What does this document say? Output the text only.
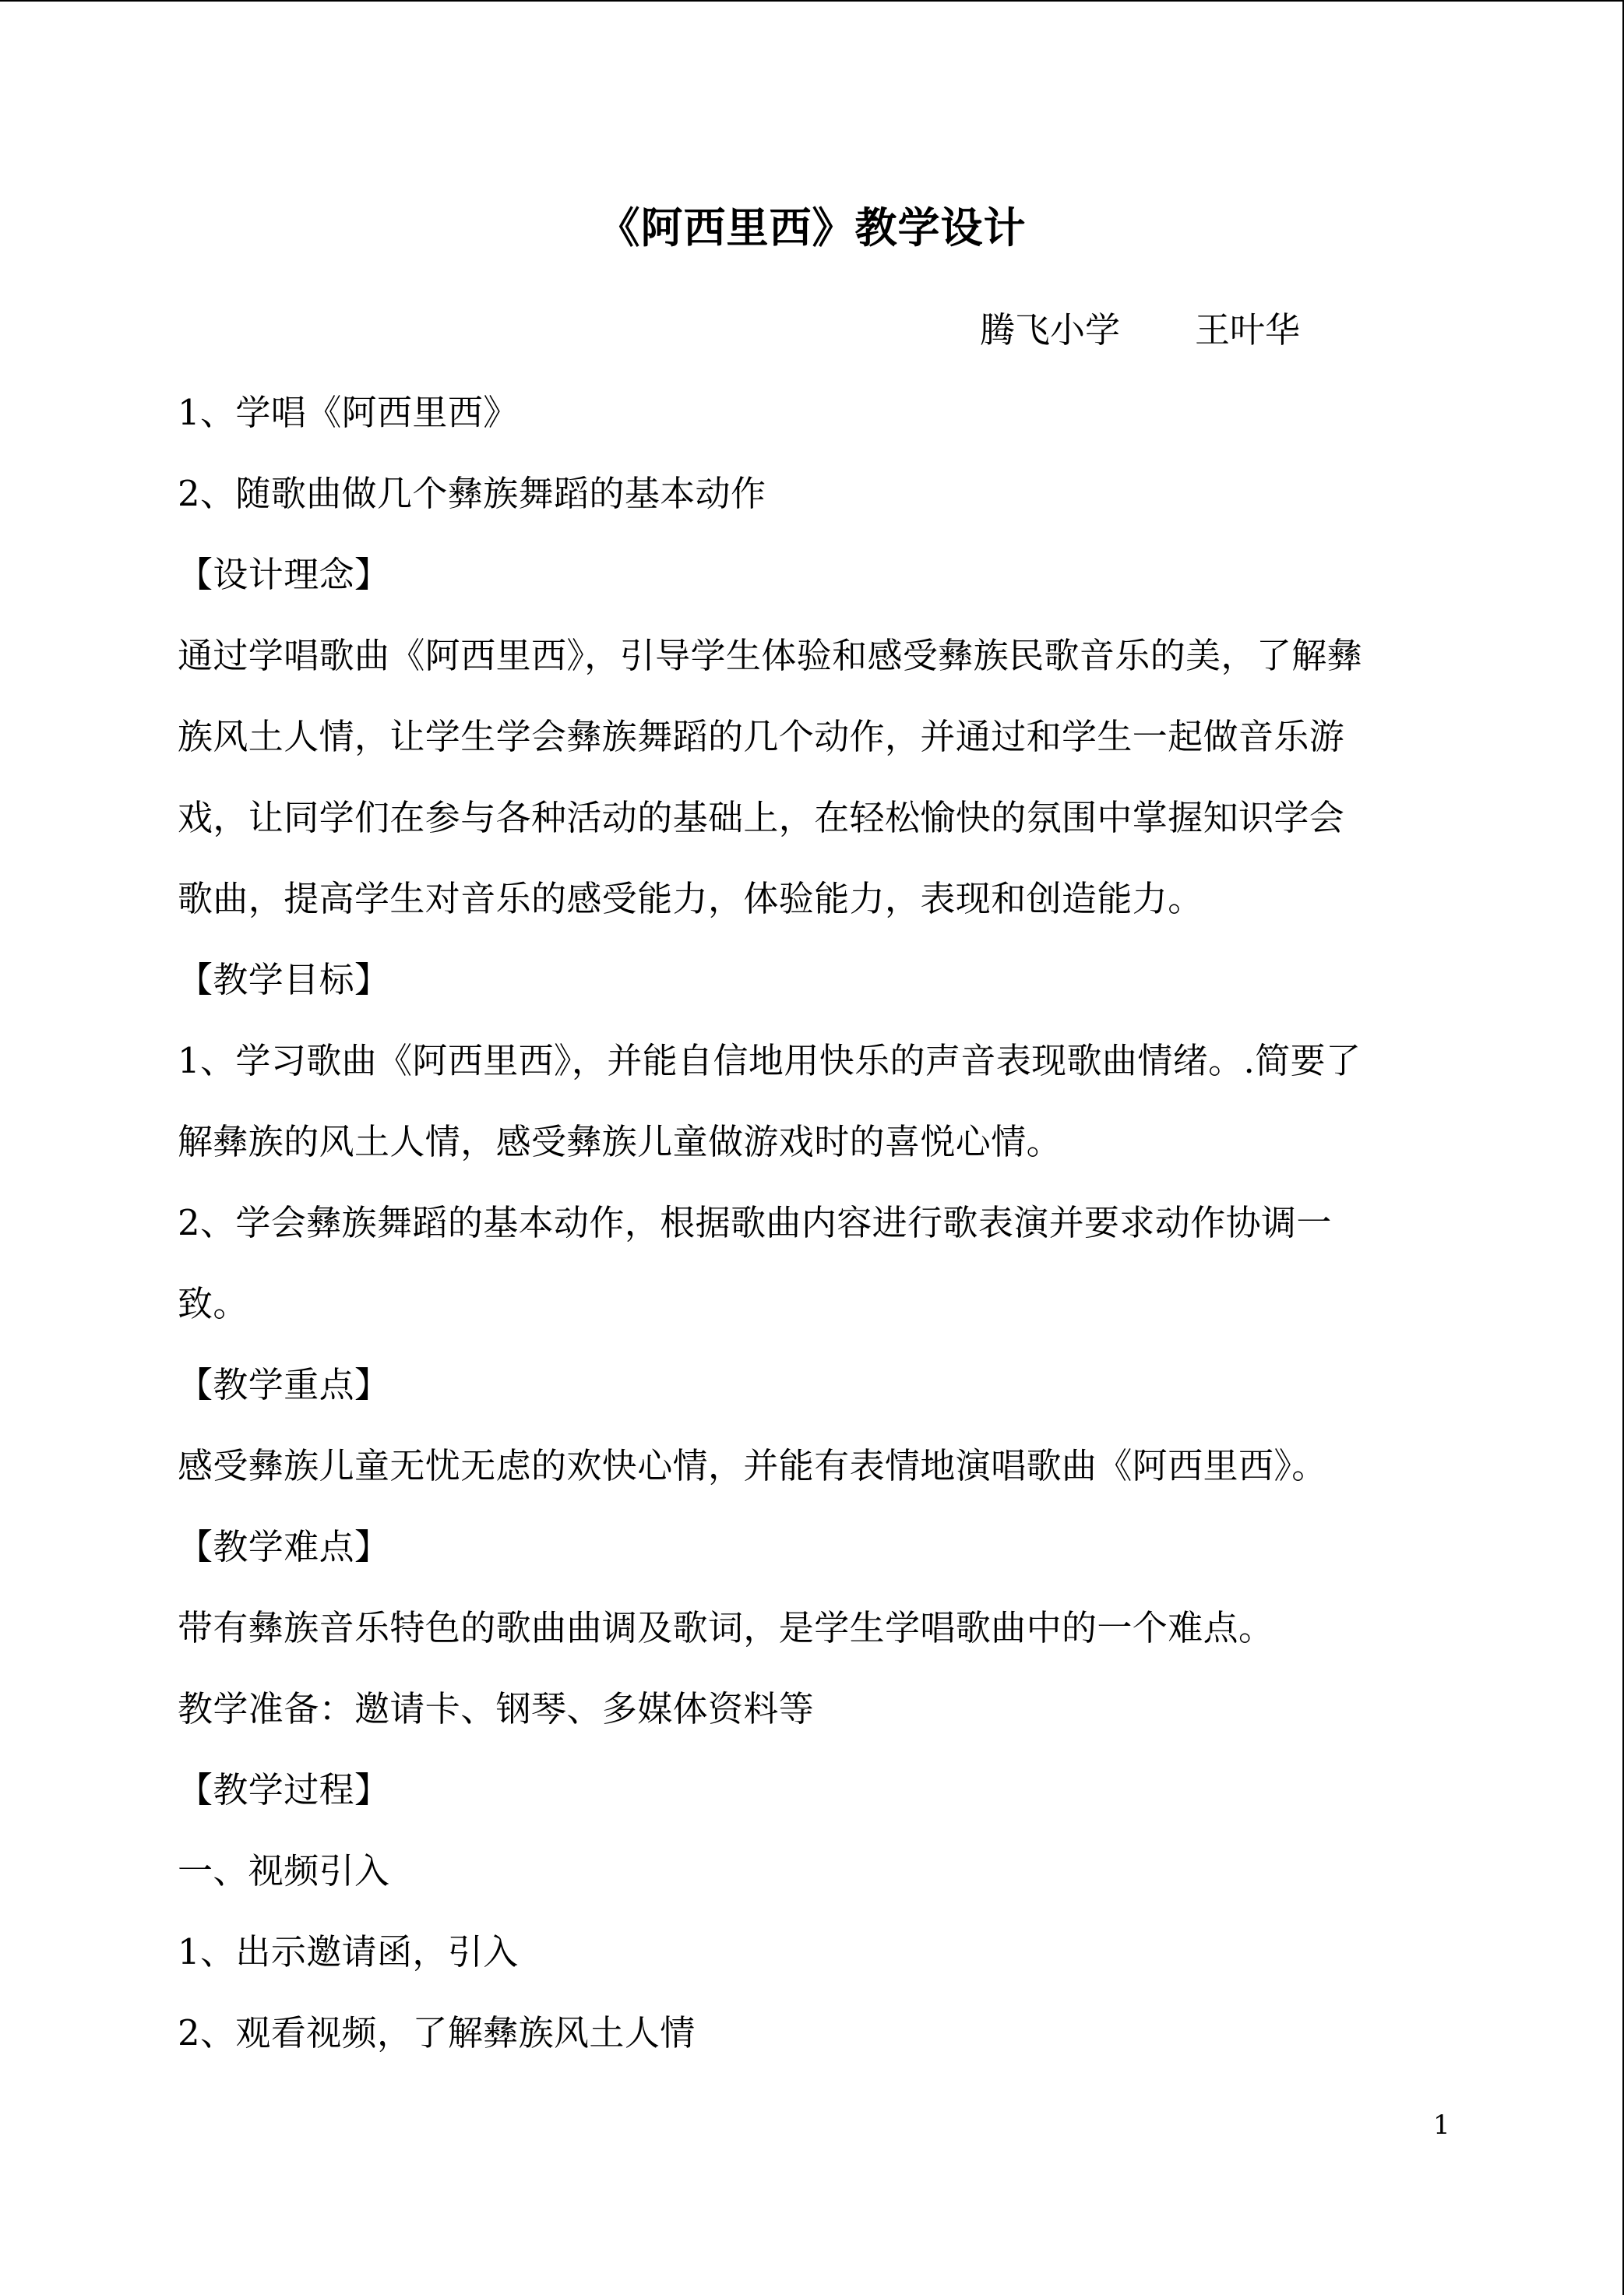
《阿西里西》教学设计
腾飞小学 王叶华
1、学唱《阿西里西》
2、随歌曲做几个彝族舞蹈的基本动作
【设计理念】
通过学唱歌曲《阿西里西》，引导学生体验和感受彝族民歌音乐的美，了解彝
族风土人情，让学生学会彝族舞蹈的几个动作，并通过和学生一起做音乐游
戏，让同学们在参与各种活动的基础上，在轻松愉快的氛围中掌握知识学会
歌曲，提高学生对音乐的感受能力，体验能力，表现和创造能力。
【教学目标】
1、学习歌曲《阿西里西》，并能自信地用快乐的声音表现歌曲情绪。.简要了
解彝族的风土人情，感受彝族儿童做游戏时的喜悦心情。
2、学会彝族舞蹈的基本动作，根据歌曲内容进行歌表演并要求动作协调一
致。
【教学重点】
感受彝族儿童无忧无虑的欢快心情，并能有表情地演唱歌曲《阿西里西》。
【教学难点】
带有彝族音乐特色的歌曲曲调及歌词，是学生学唱歌曲中的一个难点。
教学准备：邀请卡、钢琴、多媒体资料等
【教学过程】
一、视频引入
1、出示邀请函，引入
2、观看视频，了解彝族风土人情
1
